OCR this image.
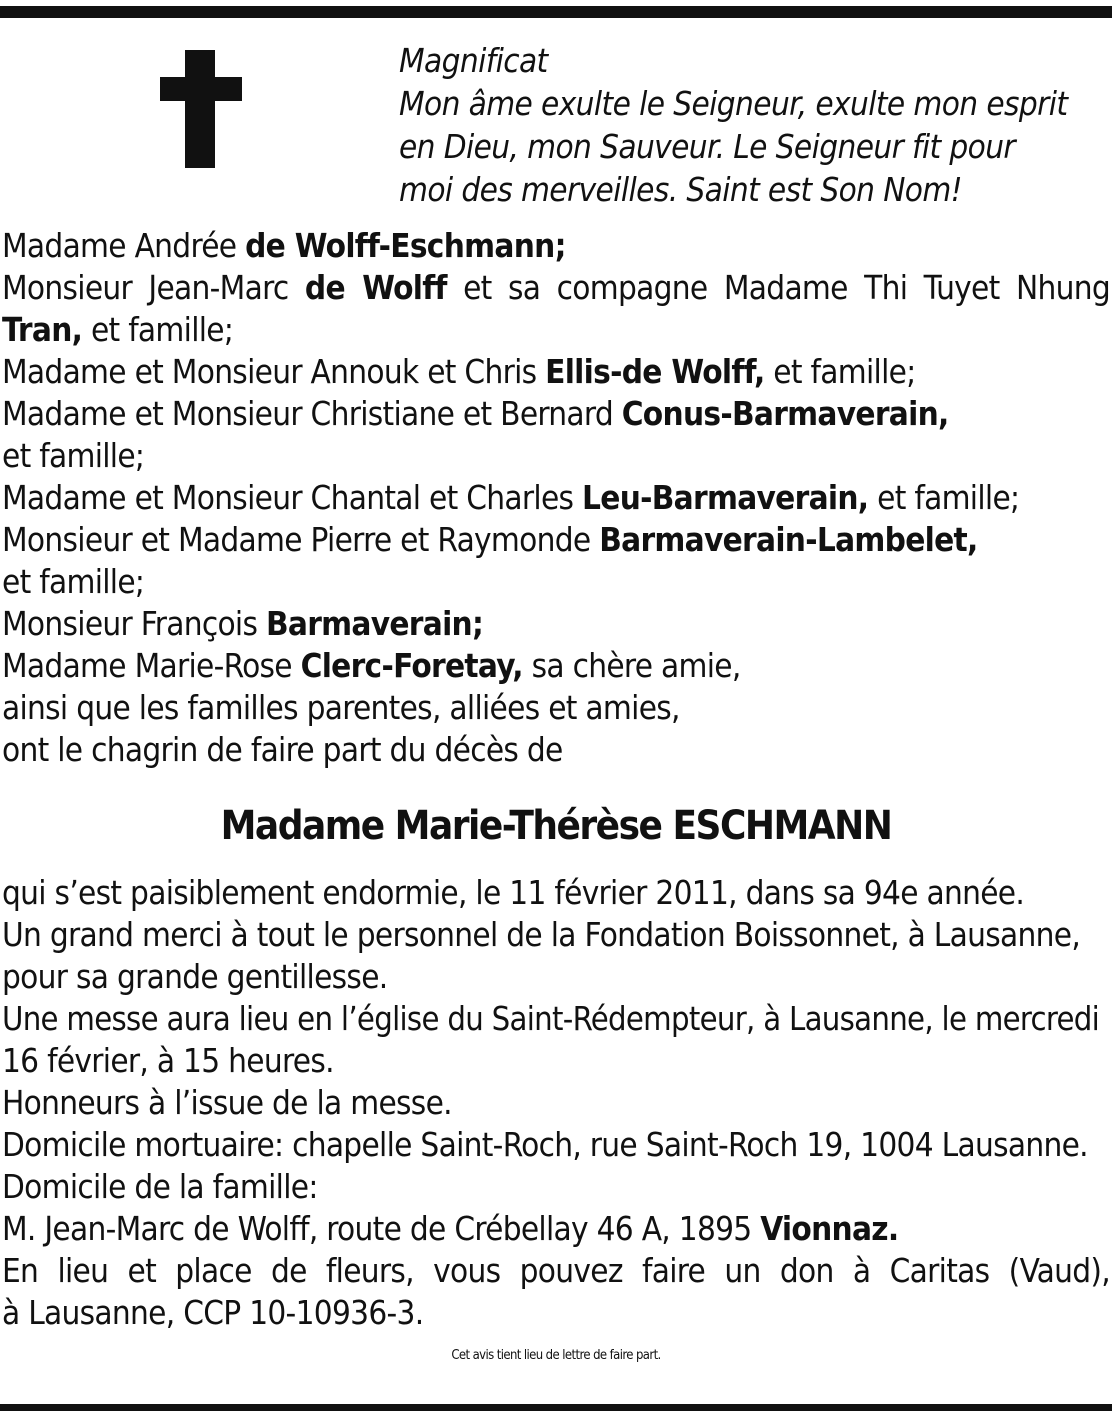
Magnificat
Mon âme exulte le Seigneur, exulte mon esprit
en Dieu, mon Sauveur. Le Seigneur fit pour
moi des merveilles. Saint est Son Nom!
Madame Andrée de Wolff-Eschmann;
Monsieur Jean-Marc de Wolff et sa compagne Madame Thi Tuyet Nhung
Tran, et famille;
Madame et Monsieur Annouk et Chris Ellis-de Wolff, et famille;
Madame et Monsieur Christiane et Bernard Conus-Barmaverain,
et famille;
Madame et Monsieur Chantal et Charles Leu-Barmaverain, et famille;
Monsieur et Madame Pierre et Raymonde Barmaverain-Lambelet,
et famille;
Monsieur François Barmaverain;
Madame Marie-Rose Clerc-Foretay, sa chère amie,
ainsi que les familles parentes, alliées et amies,
ont le chagrin de faire part du décès de
Madame Marie-Thérèse ESCHMANN
qui s’est paisiblement endormie, le 11 février 2011, dans sa 94e année.
Un grand merci à tout le personnel de la Fondation Boissonnet, à Lausanne,
pour sa grande gentillesse.
Une messe aura lieu en l’église du Saint-Rédempteur, à Lausanne, le mercredi
16 février, à 15 heures.
Honneurs à l’issue de la messe.
Domicile mortuaire: chapelle Saint-Roch, rue Saint-Roch 19, 1004 Lausanne.
Domicile de la famille:
M. Jean-Marc de Wolff, route de Crébellay 46 A, 1895 Vionnaz.
En lieu et place de fleurs, vous pouvez faire un don à Caritas (Vaud),
à Lausanne, CCP 10-10936-3.
Cet avis tient lieu de lettre de faire part.
